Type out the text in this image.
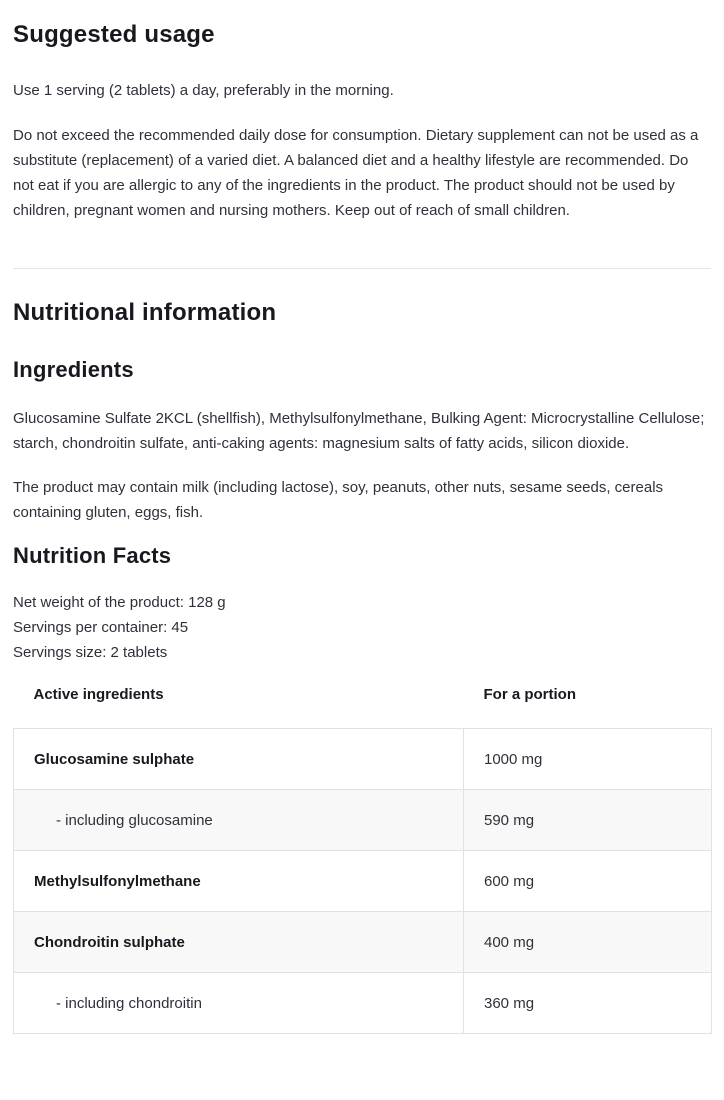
Suggested usage

Use 1 serving (2 tablets) a day, preferably in the morning.

Do not exceed the recommended daily dose for consumption. Dietary supplement can not be used as a substitute (replacement) of a varied diet. A balanced diet and a healthy lifestyle are recommended. Do not eat if you are allergic to any of the ingredients in the product. The product should not be used by children, pregnant women and nursing mothers. Keep out of reach of small children.

Nutritional information
Ingredients

Glucosamine Sulfate 2KCL (shellfish), Methylsulfonylmethane, Bulking Agent: Microcrystalline Cellulose; starch, chondroitin sulfate, anti-caking agents: magnesium salts of fatty acids, silicon dioxide.

The product may contain milk (including lactose), soy, peanuts, other nuts, sesame seeds, cereals containing gluten, eggs, fish.

Nutrition Facts

Net weight of the product: 128 g

Servings per container: 45

Servings size: 2 tablets

Active ingredients	For a portion
Glucosamine sulphate	1000 mg
- including glucosamine	590 mg
Methylsulfonylmethane	600 mg
Chondroitin sulphate	400 mg
- including chondroitin	360 mg
